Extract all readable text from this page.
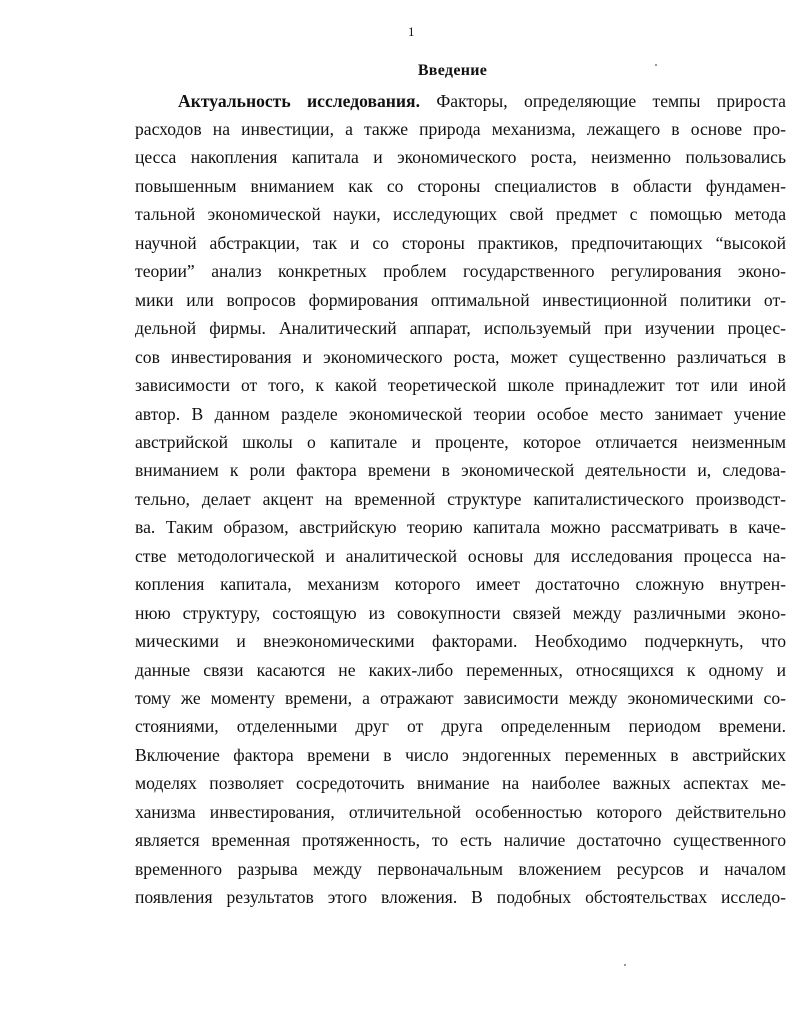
1
Введение
Актуальность исследования. Факторы, определяющие темпы прироста
расходов на инвестиции, а также природа механизма, лежащего в основе про-
цесса накопления капитала и экономического роста, неизменно пользовались
повышенным вниманием как со стороны специалистов в области фундамен-
тальной экономической науки, исследующих свой предмет с помощью метода
научной абстракции, так и со стороны практиков, предпочитающих “высокой
теории” анализ конкретных проблем государственного регулирования эконо-
мики или вопросов формирования оптимальной инвестиционной политики от-
дельной фирмы. Аналитический аппарат, используемый при изучении процес-
сов инвестирования и экономического роста, может существенно различаться в
зависимости от того, к какой теоретической школе принадлежит тот или иной
автор. В данном разделе экономической теории особое место занимает учение
австрийской школы о капитале и проценте, которое отличается неизменным
вниманием к роли фактора времени в экономической деятельности и, следова-
тельно, делает акцент на временной структуре капиталистического производст-
ва. Таким образом, австрийскую теорию капитала можно рассматривать в каче-
стве методологической и аналитической основы для исследования процесса на-
копления капитала, механизм которого имеет достаточно сложную внутрен-
нюю структуру, состоящую из совокупности связей между различными эконо-
мическими и внеэкономическими факторами. Необходимо подчеркнуть, что
данные связи касаются не каких-либо переменных, относящихся к одному и
тому же моменту времени, а отражают зависимости между экономическими со-
стояниями, отделенными друг от друга определенным периодом времени.
Включение фактора времени в число эндогенных переменных в австрийских
моделях позволяет сосредоточить внимание на наиболее важных аспектах ме-
ханизма инвестирования, отличительной особенностью которого действительно
является временная протяженность, то есть наличие достаточно существенного
временного разрыва между первоначальным вложением ресурсов и началом
появления результатов этого вложения. В подобных обстоятельствах исследо-
